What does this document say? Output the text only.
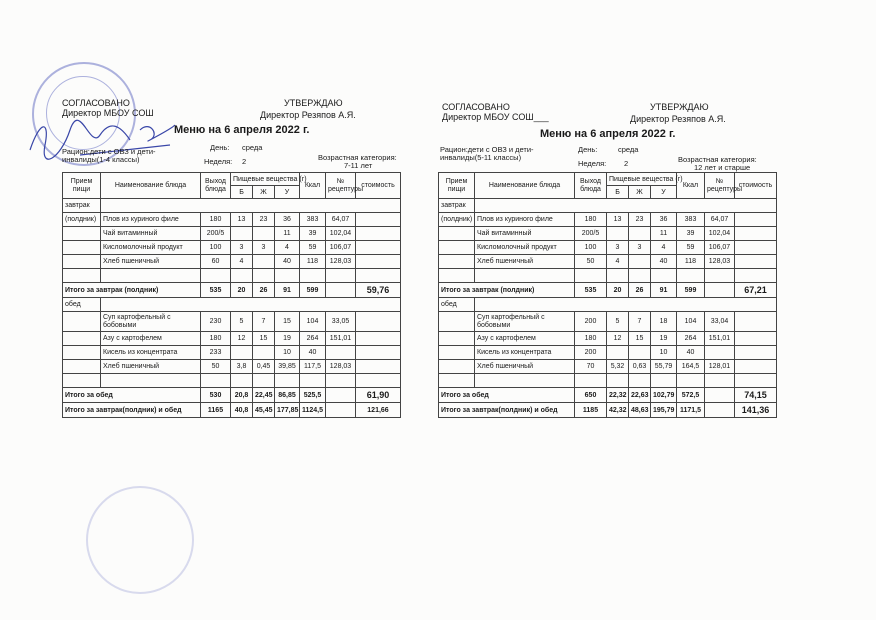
СОГЛАСОВАНО
Директор МБОУ СОШ
УТВЕРЖДАЮ
Директор Резяпов А.Я.
Меню на 6 апреля 2022 г.
Рацион:дети с ОВЗ и дети-
инвалиды(1-4 классы)
День: среда
Неделя: 2	Возрастная категория:
7-11 лет
Прием пищи	Наименование блюда	Выход блюда	Пищевые вещества (г)			Ккал	№ рецептуры	стоимость
			Б	Ж	У			
завтрак								
(полдник)	Плов из куриного филе	180	13	23	36	383	64,07	
	Чай витаминный	200/5			11	39	102,04	
	Кисломолочный продукт	100	3	3	4	59	106,07	
	Хлеб пшеничный	60	4		40	118	128,03	

Итого за завтрак (полдник)		535	20	26	91	599		59,76
обед								
	Суп картофельный с бобовыми	230	5	7	15	104	33,05	
	Азу с картофелем	180	12	15	19	264	151,01	
	Кисель из концентрата	233			10	40		
	Хлеб пшеничный	50	3,8	0,45	39,85	117,5	128,03	

Итого за обед		530	20,8	22,45	86,85	525,5		61,90
Итого за завтрак(полдник) и обед		1165	40,8	45,45	177,85	1124,5		121,66
СОГЛАСОВАНО
Директор МБОУ СОШ___
УТВЕРЖДАЮ
Директор Резяпов А.Я.
Меню на 6 апреля 2022 г.
Рацион:дети с ОВЗ и дети-
инвалиды(5-11 классы)
День:	среда
Неделя: 2	Возрастная категория:
12 лет и старше
Прием пищи	Наименование блюда	Выход блюда	Пищевые вещества (г)			Ккал	№ рецептуры	стоимость
			Б	Ж	У			
завтрак								
(полдник)	Плов из куриного филе	180	13	23	36	383	64,07	
	Чай витаминный	200/5			11	39	102,04	
	Кисломолочный продукт	100	3	3	4	59	106,07	
	Хлеб пшеничный	50	4		40	118	128,03	

Итого за завтрак (полдник)		535	20	26	91	599		67,21
обед								
	Суп картофельный с бобовыми	200	5	7	18	104	33,04	
	Азу с картофелем	180	12	15	19	264	151,01	
	Кисель из концентрата	200			10	40		
	Хлеб пшеничный	70	5,32	0,63	55,79	164,5	128,01	

Итого за обед		650	22,32	22,63	102,79	572,5		74,15
Итого за завтрак(полдник) и обед		1185	42,32	48,63	195,79	1171,5		141,36
